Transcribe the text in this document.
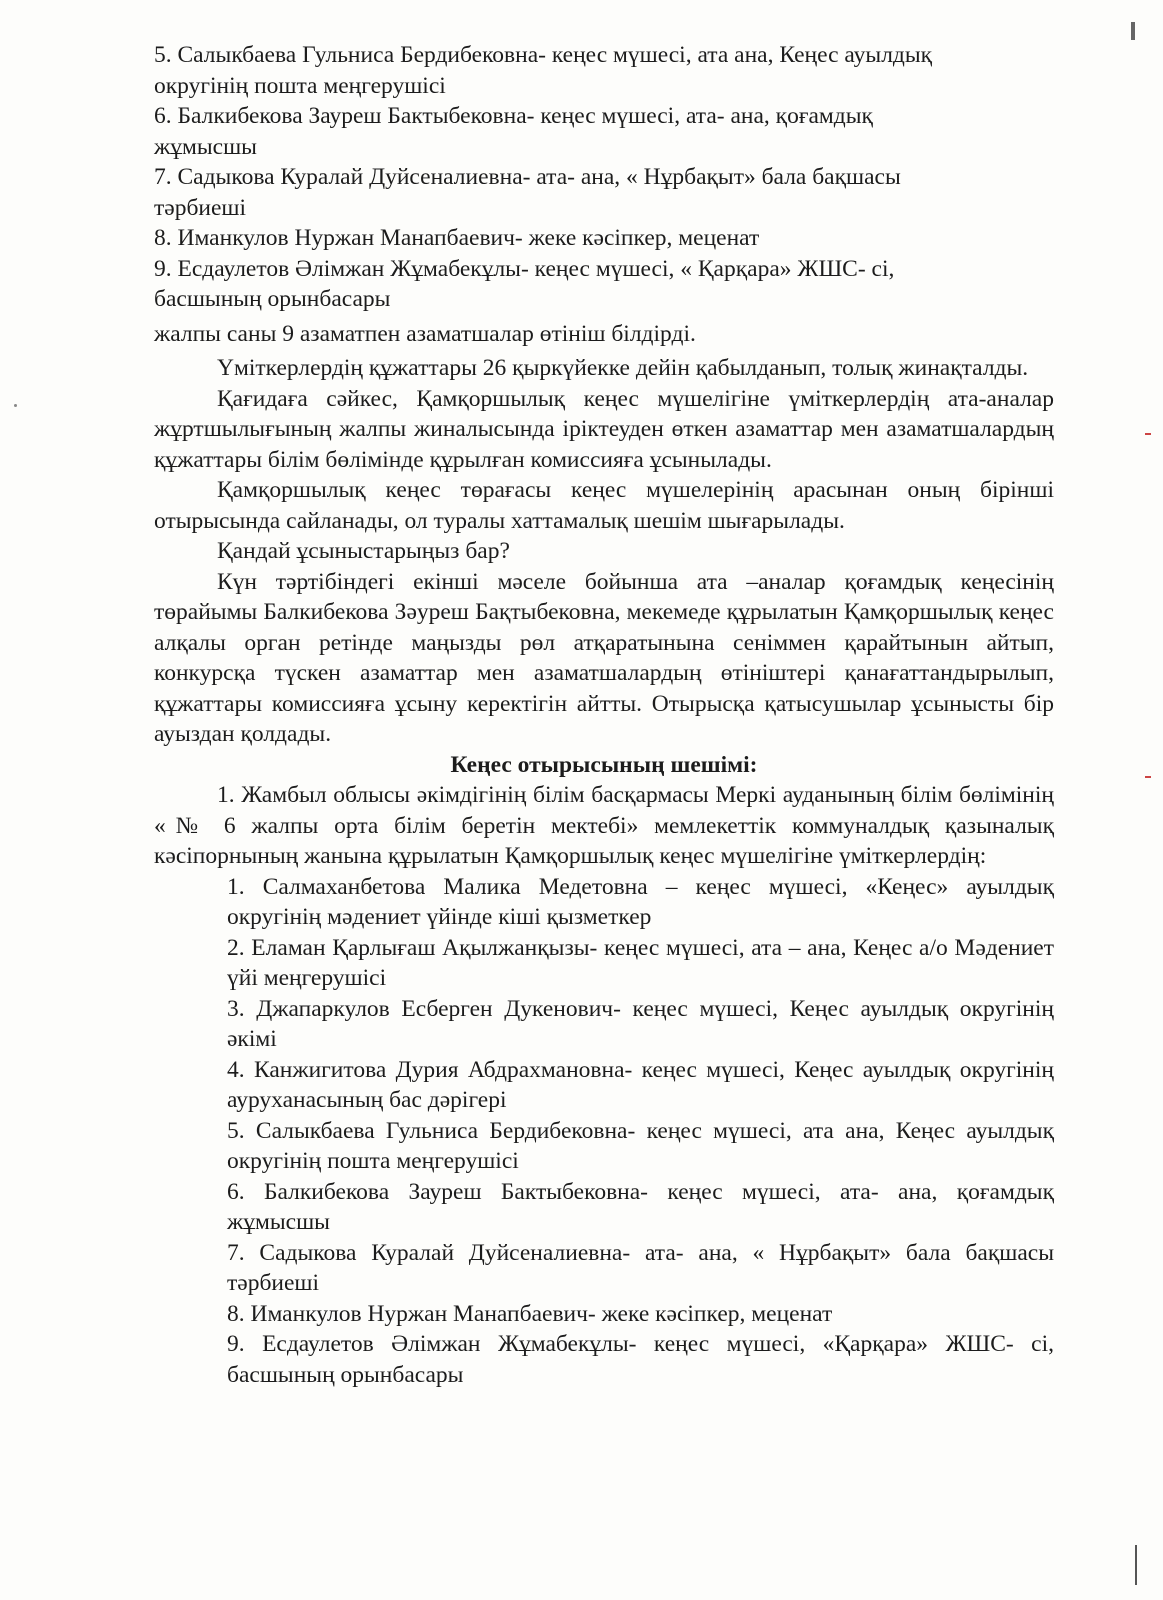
5. Салыкбаева Гульниса Бердибековна- кеңес мүшесі, ата ана, Кеңес ауылдық

округінің пошта меңгерушісі

6. Балкибекова Зауреш Бактыбековна- кеңес мүшесі, ата- ана, қоғамдық

жұмысшы

7. Садыкова Куралай Дуйсеналиевна- ата- ана, « Нұрбақыт» бала бақшасы

тәрбиеші

8. Иманкулов Нуржан Манапбаевич- жеке кәсіпкер, меценат

9. Есдаулетов Әлімжан Жұмабекұлы- кеңес мүшесі, « Қарқара» ЖШС- сі,

басшының орынбасары

жалпы саны 9 азаматпен азаматшалар өтініш білдірді.

Үміткерлердің құжаттары 26 қыркүйекке дейін қабылданып, толық жинақталды.

Қағидаға сәйкес, Қамқоршылық кеңес мүшелігіне үміткерлердің ата-аналар жұртшылығының жалпы жиналысында іріктеуден өткен азаматтар мен азаматшалардың құжаттары білім бөлімінде құрылған комиссияға ұсынылады.

Қамқоршылық кеңес төрағасы кеңес мүшелерінің арасынан оның бірінші отырысында сайланады, ол туралы хаттамалық шешім шығарылады.

Қандай ұсыныстарыңыз бар?

Күн тәртібіндегі екінші мәселе бойынша ата –аналар қоғамдық кеңесінің төрайымы Балкибекова Зәуреш Бақтыбековна, мекемеде құрылатын Қамқоршылық кеңес алқалы орган ретінде маңызды рөл атқаратынына сеніммен қарайтынын айтып, конкурсқа түскен азаматтар мен азаматшалардың өтініштері қанағаттандырылып, құжаттары комиссияға ұсыну керектігін айтты. Отырысқа қатысушылар ұсынысты бір ауыздан қолдады.

Кеңес отырысының шешімі:

1. Жамбыл облысы әкімдігінің білім басқармасы Меркі ауданының білім бөлімінің «№ 6 жалпы орта білім беретін мектебі» мемлекеттік коммуналдық қазыналық кәсіпорнының жанына құрылатын Қамқоршылық кеңес мүшелігіне үміткерлердің:

1. Салмаханбетова Малика Медетовна – кеңес мүшесі, «Кеңес» ауылдық округінің мәдениет үйінде кіші қызметкер

2. Еламан Қарлығаш Ақылжанқызы- кеңес мүшесі, ата – ана, Кеңес а/о Мәдениет үйі меңгерушісі

3. Джапаркулов Есберген Дукенович- кеңес мүшесі, Кеңес ауылдық округінің әкімі

4. Канжигитова Дурия Абдрахмановна- кеңес мүшесі, Кеңес ауылдық округінің ауруханасының бас дәрігері

5. Салыкбаева Гульниса Бердибековна- кеңес мүшесі, ата ана, Кеңес ауылдық округінің пошта меңгерушісі

6. Балкибекова Зауреш Бактыбековна- кеңес мүшесі, ата- ана, қоғамдық жұмысшы

7. Садыкова Куралай Дуйсеналиевна- ата- ана, « Нұрбақыт» бала бақшасы тәрбиеші

8. Иманкулов Нуржан Манапбаевич- жеке кәсіпкер, меценат

9. Есдаулетов Әлімжан Жұмабекұлы- кеңес мүшесі, «Қарқара» ЖШС- сі, басшының орынбасары
